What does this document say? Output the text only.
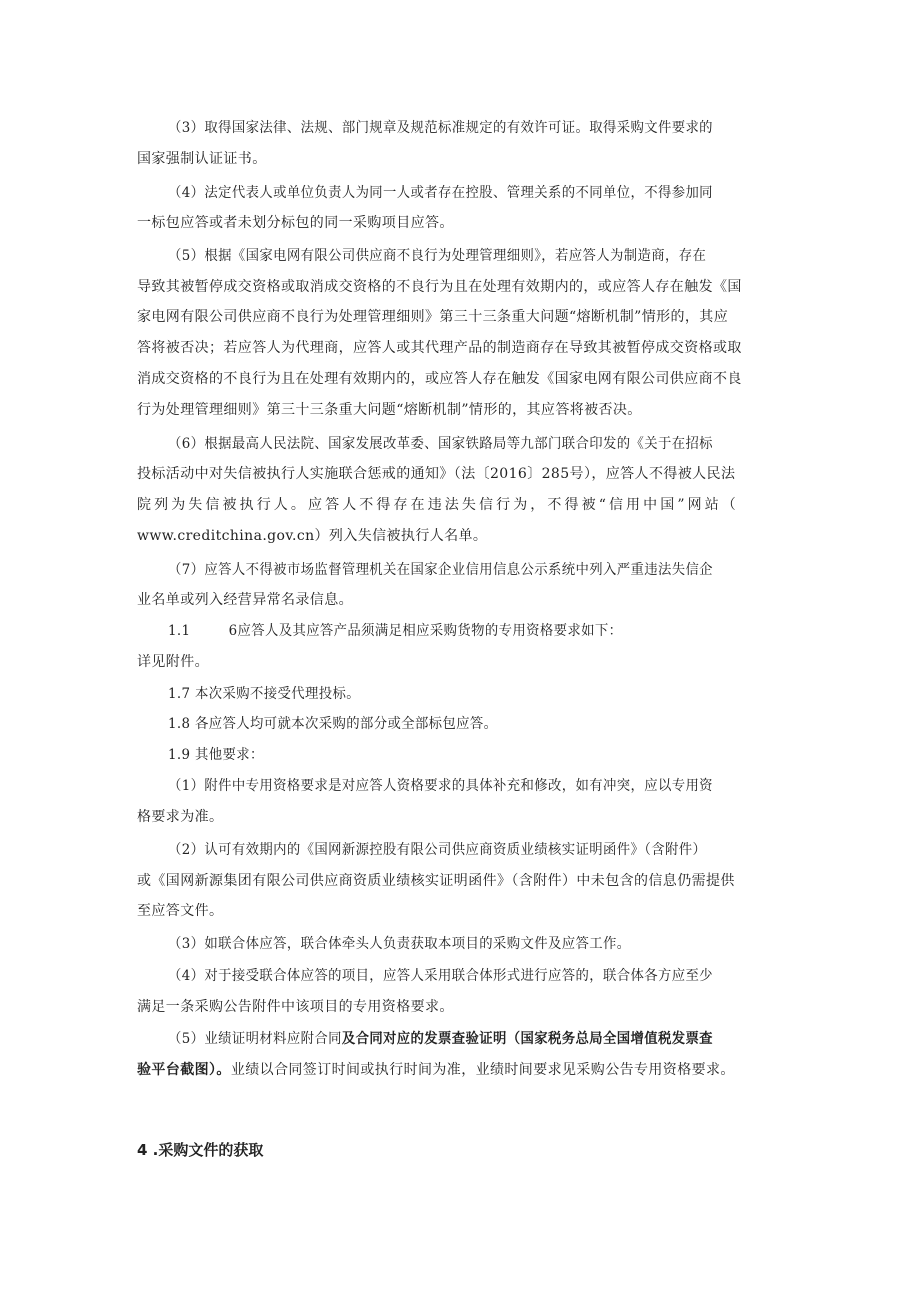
（3）取得国家法律、法规、部门规章及规范标准规定的有效许可证。取得采购文件要求的
国家强制认证证书。
（4）法定代表人或单位负责人为同一人或者存在控股、管理关系的不同单位，不得参加同
一标包应答或者未划分标包的同一采购项目应答。
（5）根据《国家电网有限公司供应商不良行为处理管理细则》，若应答人为制造商，存在
导致其被暂停成交资格或取消成交资格的不良行为且在处理有效期内的，或应答人存在触发《国
家电网有限公司供应商不良行为处理管理细则》第三十三条重大问题“熔断机制”情形的，其应
答将被否决；若应答人为代理商，应答人或其代理产品的制造商存在导致其被暂停成交资格或取
消成交资格的不良行为且在处理有效期内的，或应答人存在触发《国家电网有限公司供应商不良
行为处理管理细则》第三十三条重大问题“熔断机制”情形的，其应答将被否决。
（6）根据最高人民法院、国家发展改革委、国家铁路局等九部门联合印发的《关于在招标
投标活动中对失信被执行人实施联合惩戒的通知》（法〔2016〕285号），应答人不得被人民法
院列为失信被执行人。应答人不得存在违法失信行为，不得被“信用中国”网站（
www.creditchina.gov.cn）列入失信被执行人名单。
（7）应答人不得被市场监督管理机关在国家企业信用信息公示系统中列入严重违法失信企
业名单或列入经营异常名录信息。
1.1	6应答人及其应答产品须满足相应采购货物的专用资格要求如下：
详见附件。
1.7 本次采购不接受代理投标。
1.8 各应答人均可就本次采购的部分或全部标包应答。
1.9 其他要求：
（1）附件中专用资格要求是对应答人资格要求的具体补充和修改，如有冲突，应以专用资
格要求为准。
（2）认可有效期内的《国网新源控股有限公司供应商资质业绩核实证明函件》（含附件）
或《国网新源集团有限公司供应商资质业绩核实证明函件》（含附件）中未包含的信息仍需提供
至应答文件。
（3）如联合体应答，联合体牵头人负责获取本项目的采购文件及应答工作。
（4）对于接受联合体应答的项目，应答人采用联合体形式进行应答的，联合体各方应至少
满足一条采购公告附件中该项目的专用资格要求。
（5）业绩证明材料应附合同及合同对应的发票查验证明（国家税务总局全国增值税发票查
验平台截图）。业绩以合同签订时间或执行时间为准，业绩时间要求见采购公告专用资格要求。
4 .采购文件的获取
